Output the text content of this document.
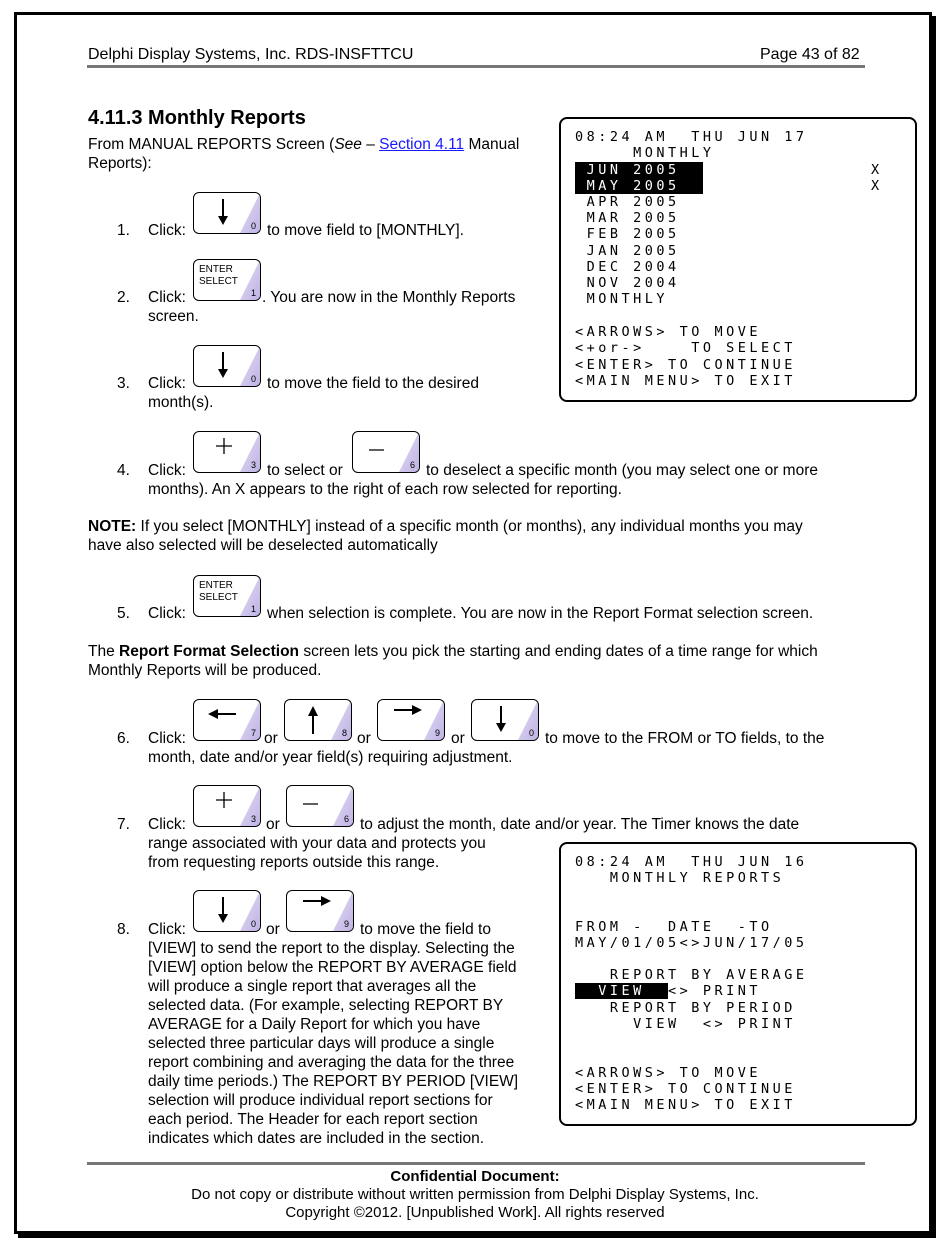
Delphi Display Systems, Inc. RDS-INSFTTCU	Page 43 of 82
4.11.3 Monthly Reports
From MANUAL REPORTS Screen (See – Section 4.11 Manual
Reports):
1. Click:	0 to move field to [MONTHLY].
2. Click:
ENTER
SELECT
1 . You are now in the Monthly Reports
screen.
3. Click:	0 to move the field to the desired
month(s).
4. Click:	3 to select or	6 to deselect a specific month (you may select one or more
months). An X appears to the right of each row selected for reporting.
NOTE: If you select [MONTHLY] instead of a specific month (or months), any individual months you may
have also selected will be deselected automatically
5. Click:
ENTER
SELECT
1 when selection is complete. You are now in the Report Format selection screen.
The Report Format Selection screen lets you pick the starting and ending dates of a time range for which
Monthly Reports will be produced.
6. Click:	7 or	8 or	9 or	0 to move to the FROM or TO fields, to the
month, date and/or year field(s) requiring adjustment.
7. Click:	3 or	6 to adjust the month, date and/or year. The Timer knows the date
range associated with your data and protects you
from requesting reports outside this range.
8. Click:	0 or	9 to move the field to
[VIEW] to send the report to the display. Selecting the
[VIEW] option below the REPORT BY AVERAGE field
will produce a single report that averages all the
selected data. (For example, selecting REPORT BY
AVERAGE for a Daily Report for which you have
selected three particular days will produce a single
report combining and averaging the data for the three
daily time periods.) The REPORT BY PERIOD [VIEW]
selection will produce individual report sections for
each period. The Header for each report section
indicates which dates are included in the section.

08:24 AM  THU JUN 17

MONTHLY

JUN 2005

	X

MAY 2005

	X

APR 2005

MAR 2005

FEB 2005

JAN 2005

DEC 2004

NOV 2004

MONTHLY

<ARROWS> TO MOVE

<+or->    TO SELECT

<ENTER> TO CONTINUE

<MAIN MENU> TO EXIT

08:24 AM  THU JUN 16

MONTHLY REPORTS

FROM -  DATE  -TO

MAY/01/05<>JUN/17/05

REPORT BY AVERAGE

VIEW  <> PRINT

REPORT BY PERIOD

VIEW  <> PRINT

<ARROWS> TO MOVE

<ENTER> TO CONTINUE

<MAIN MENU> TO EXIT

Confidential Document:
Do not copy or distribute without written permission from Delphi Display Systems, Inc.
Copyright ©2012. [Unpublished Work]. All rights reserved
